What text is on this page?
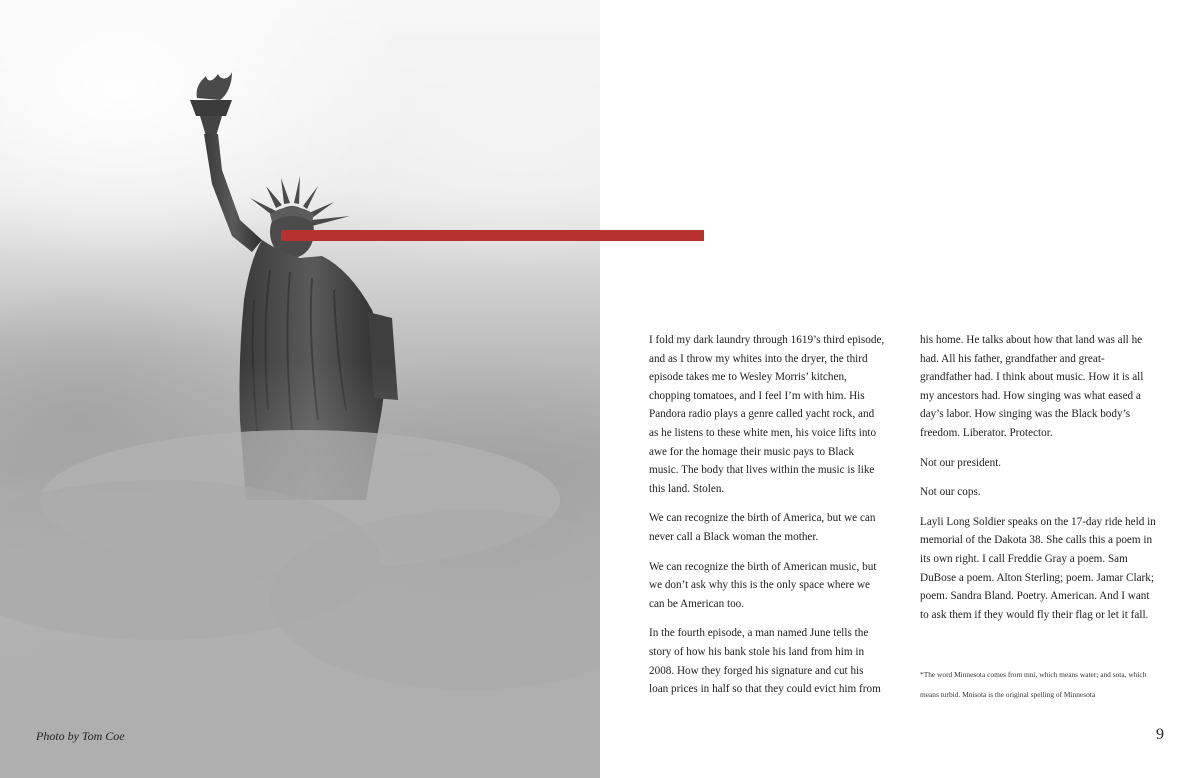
Photo by Tom Coe

I fold my dark laundry through 1619’s third episode, and as I throw my whites into the dryer, the third episode takes me to Wesley Morris’ kitchen, chopping tomatoes, and I feel I’m with him. His Pandora radio plays a genre called yacht rock, and as he listens to these white men, his voice lifts into awe for the homage their music pays to Black music. The body that lives within the music is like this land. Stolen.

We can recognize the birth of America, but we can never call a Black woman the mother.

We can recognize the birth of American music, but we don’t ask why this is the only space where we can be American too.

In the fourth episode, a man named June tells the story of how his bank stole his land from him in 2008. How they forged his signature and cut his loan prices in half so that they could evict him from

his home. He talks about how that land was all he had. All his father, grandfather and great-grandfather had. I think about music. How it is all my ancestors had. How singing was what eased a day’s labor. How singing was the Black body’s freedom. Liberator. Protector.

Not our president.

Not our cops.

Layli Long Soldier speaks on the 17-day ride held in memorial of the Dakota 38. She calls this a poem in its own right. I call Freddie Gray a poem. Sam DuBose a poem. Alton Sterling; poem. Jamar Clark; poem. Sandra Bland. Poetry. American. And I want to ask them if they would fly their flag or let it fall.

*The word Minnesota comes from mni, which means water; and sota, which means turbid. Mnisota is the original spelling of Minnesota
9
